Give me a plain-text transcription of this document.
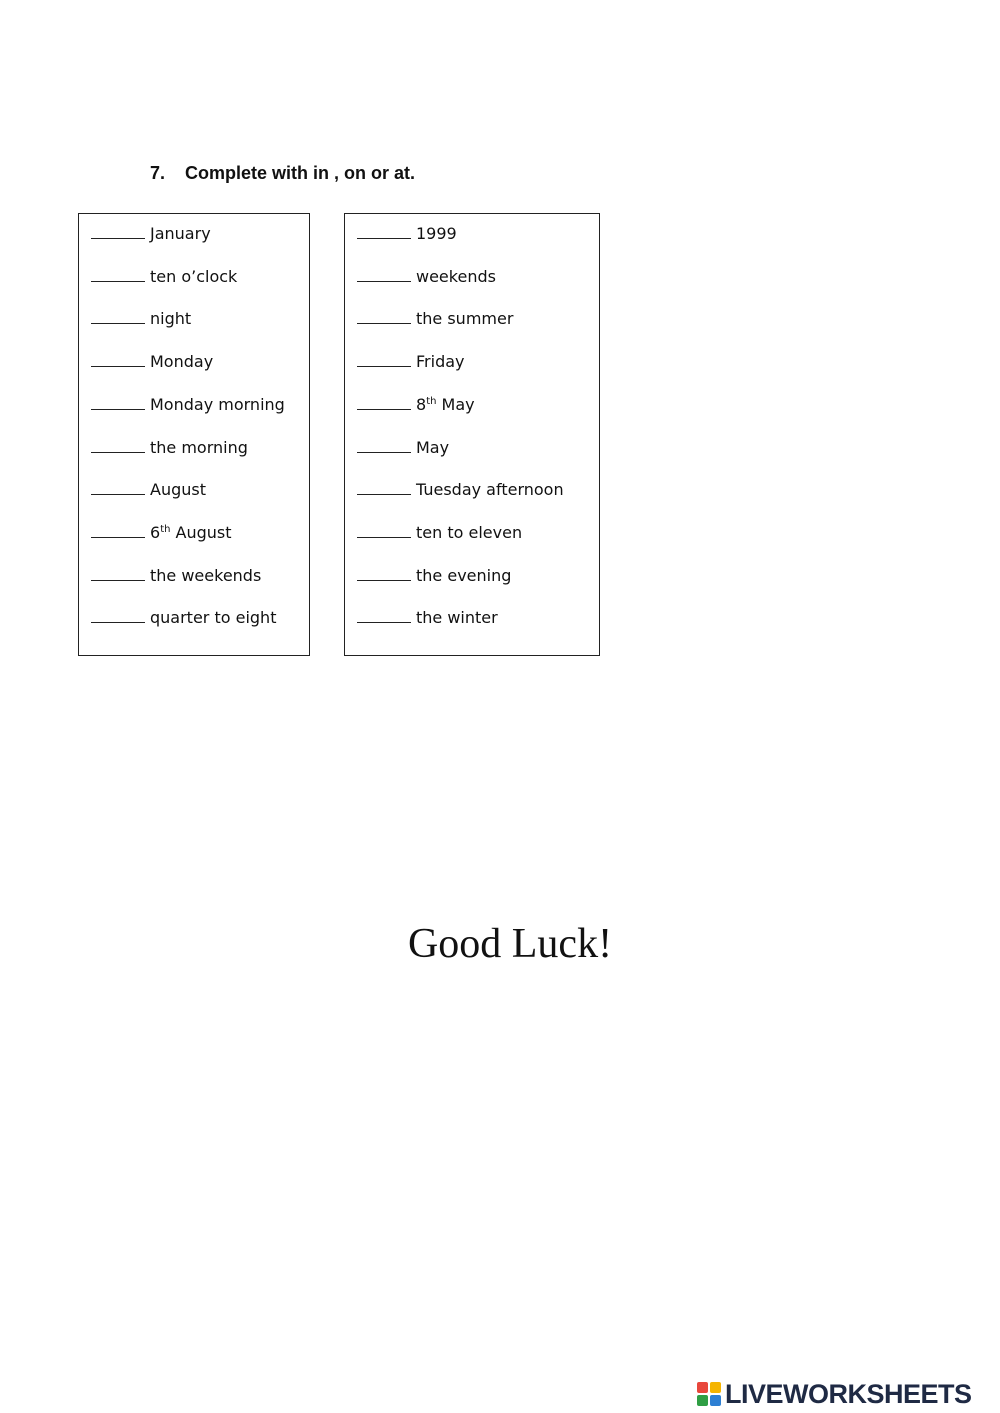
7. Complete with in , on or at.
January
ten o’clock
night
Monday
Monday morning
the morning
August
6th August
the weekends
quarter to eight
1999
weekends
the summer
Friday
8th May
May
Tuesday afternoon
ten to eleven
the evening
the winter
Good Luck!
LIVEWORKSHEETS
